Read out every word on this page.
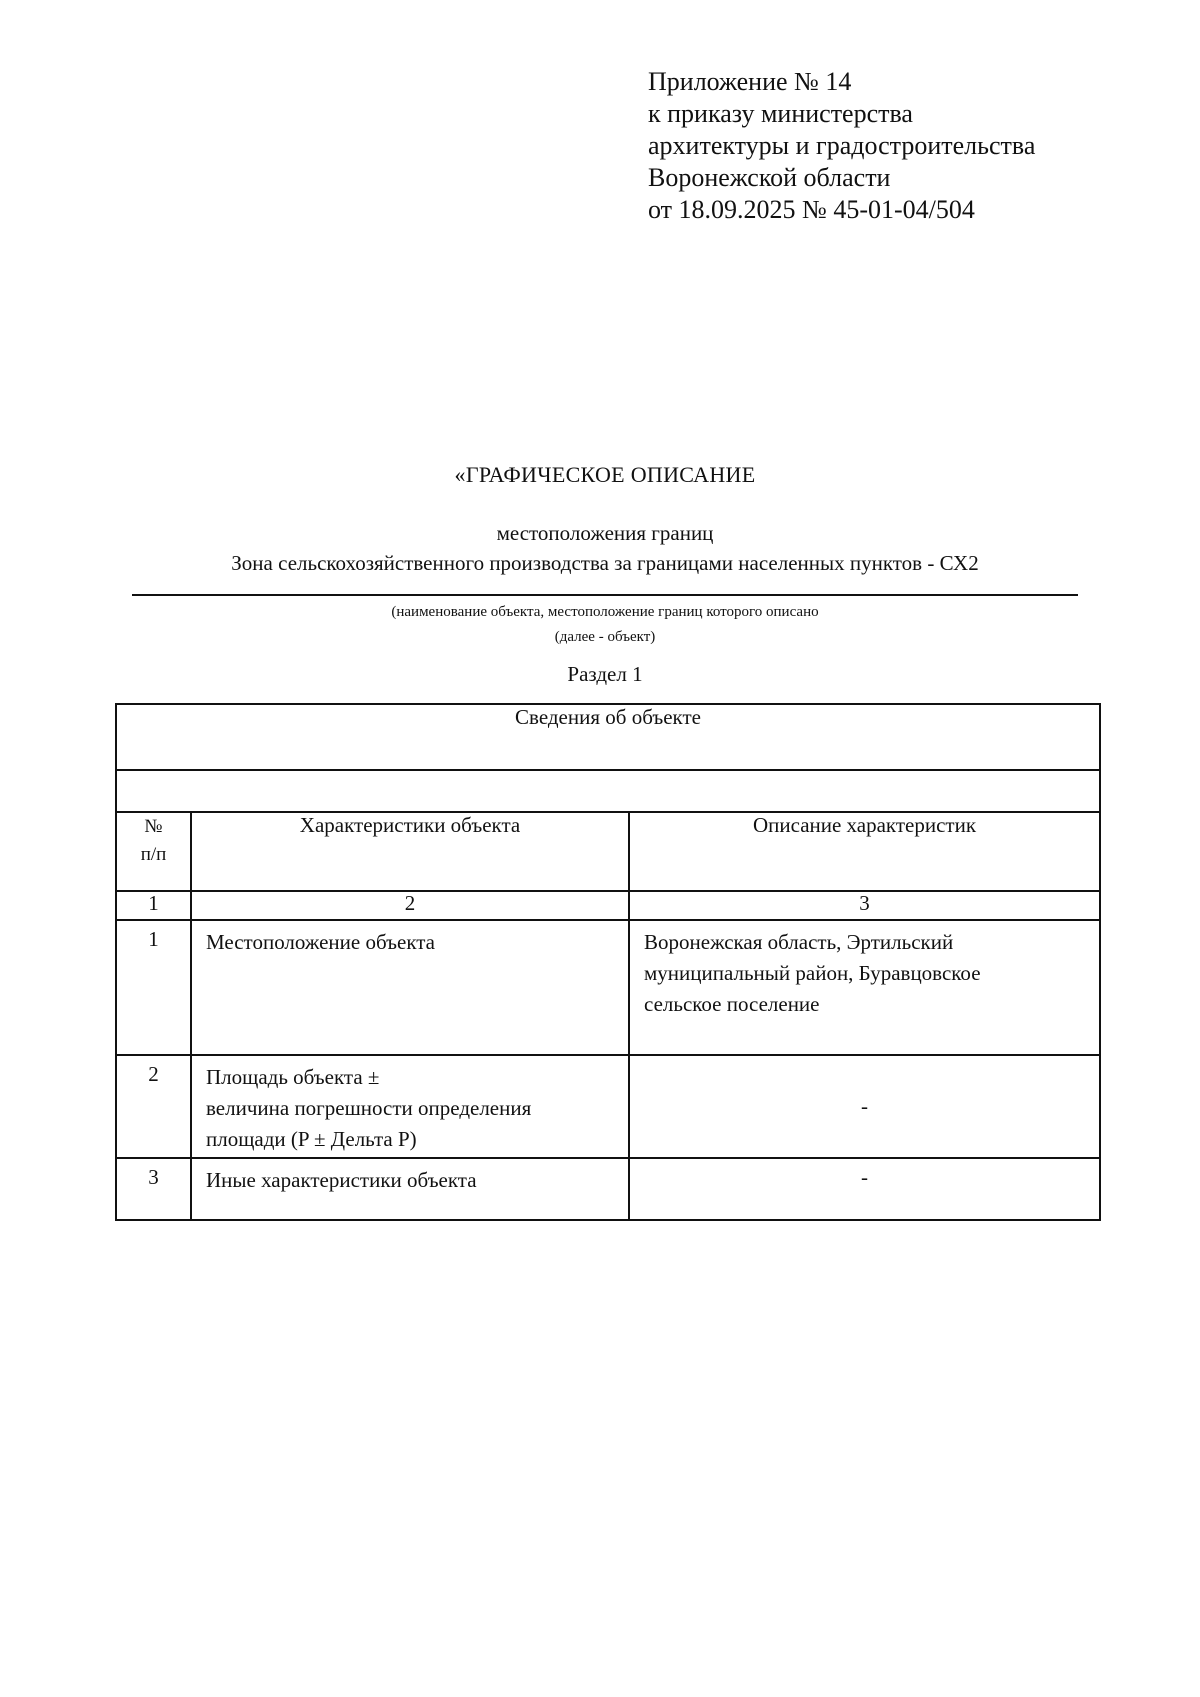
Приложение № 14
к приказу министерства
архитектуры и градостроительства
Воронежской области
от 18.09.2025 № 45-01-04/504
«ГРАФИЧЕСКОЕ ОПИСАНИЕ
местоположения границ
Зона сельскохозяйственного производства за границами населенных пунктов - СХ2
(наименование объекта, местоположение границ которого описано
(далее - объект)
Раздел 1
Сведения об объекте		

№
п/п	Характеристики объекта	Описание характеристик
1	2	3
1	Местоположение объекта	Воронежская область, Эртильский
муниципальный район, Буравцовское
сельское поселение

2	Площадь объекта ±
величина погрешности определения
площади (P ± Дельта P)	-
3	Иные характеристики объекта	-
